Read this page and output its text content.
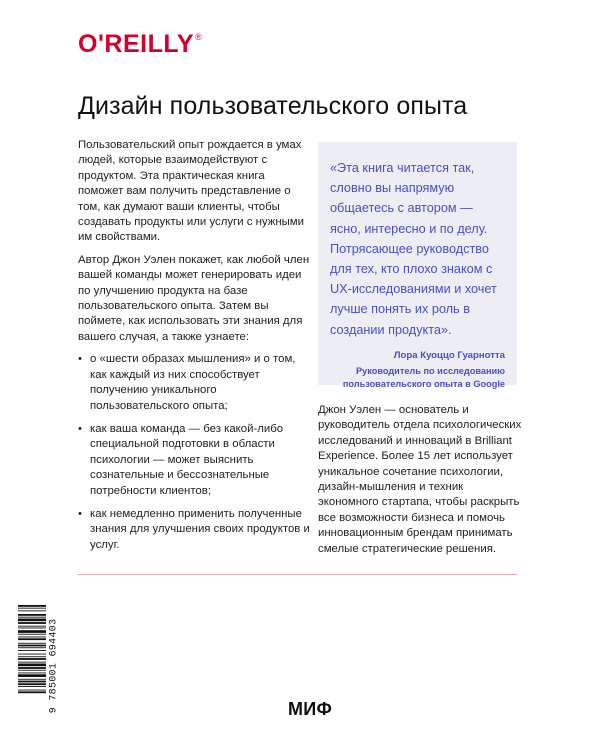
O'REILLY®
Дизайн пользовательского опыта

Пользовательский опыт рождается в умах людей, которые взаимодействуют с продуктом. Эта практическая книга поможет вам получить представление о том, как думают ваши клиенты, чтобы создавать продукты или услуги с нужными им свойствами.

Автор Джон Уэлен покажет, как любой член вашей команды может генерировать идеи по улучшению продукта на базе пользовательского опыта. Затем вы поймете, как использовать эти знания для вашего случая, а также узнаете:

• о «шести образах мышления» и о том, как каждый из них способствует получению уникального пользовательского опыта;
• как ваша команда — без какой-либо специальной подготовки в области психологии — может выяснить сознательные и бессознательные потребности клиентов;
• как немедленно применить полученные знания для улучшения своих продуктов и услуг.
«Эта книга читается так, словно вы напрямую общаетесь с автором — ясно, интересно и по делу. Потрясающее руководство для тех, кто плохо знаком с UX-исследованиями и хочет лучше понять их роль в создании продукта».
Лора Куоццо Гуарнотта
Руководитель по исследованию пользовательского опыта в Google
Джон Уэлен — основатель и руководитель отдела психологических исследований и инноваций в Brilliant Experience. Более 15 лет использует уникальное сочетание психологии, дизайн-мышления и техник экономного стартапа, чтобы раскрыть все возможности бизнеса и помочь инновационным брендам принимать смелые стратегические решения.
9 785001 694403	МИФ
